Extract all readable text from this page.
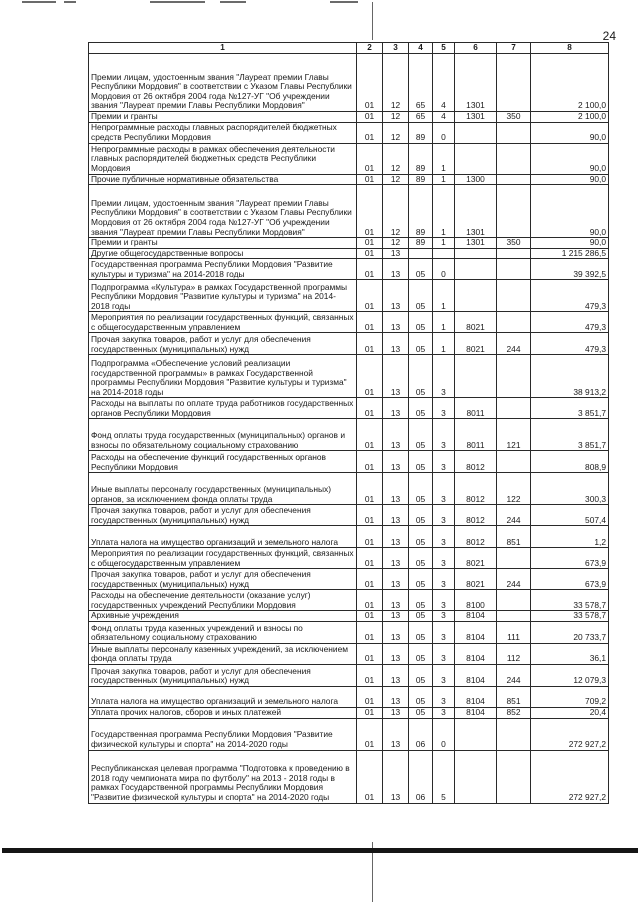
24
1	2	3	4	5	6	7	8
Премии лицам, удостоенным звания "Лауреат премии Главы Республики Мордовия" в соответствии с Указом Главы Республики Мордовия от 26 октября 2004 года №127-УГ "Об учреждении звания "Лауреат премии Главы Республики Мордовия"	01	12	65	4	1301		2 100,0
Премии и гранты	01	12	65	4	1301	350	2 100,0
Непрограммные расходы главных распорядителей бюджетных средств Республики Мордовия	01	12	89	0			90,0
Непрограммные расходы в рамках обеспечения деятельности главных распорядителей бюджетных средств Республики Мордовия	01	12	89	1			90,0
Прочие публичные нормативные обязательства	01	12	89	1	1300		90,0
Премии лицам, удостоенным звания "Лауреат премии Главы Республики Мордовия" в соответствии с Указом Главы Республики Мордовия от 26 октября 2004 года №127-УГ "Об учреждении звания "Лауреат премии Главы Республики Мордовия"	01	12	89	1	1301		90,0
Премии и гранты	01	12	89	1	1301	350	90,0
Другие общегосударственные вопросы	01	13					1 215 286,5
Государственная программа Республики Мордовия "Развитие культуры и туризма" на 2014-2018 годы	01	13	05	0			39 392,5
Подпрограмма «Культура» в рамках Государственной программы Республики Мордовия "Развитие культуры и туризма" на 2014-2018 годы	01	13	05	1			479,3
Мероприятия по реализации государственных функций, связанных с общегосударственным управлением	01	13	05	1	8021		479,3
Прочая закупка товаров, работ и услуг для обеспечения государственных (муниципальных) нужд	01	13	05	1	8021	244	479,3
Подпрограмма «Обеспечение условий реализации государственной программы» в рамках Государственной программы Республики Мордовия "Развитие культуры и туризма" на 2014-2018 годы	01	13	05	3			38 913,2
Расходы на выплаты по оплате труда работников государственных органов Республики Мордовия	01	13	05	3	8011		3 851,7
Фонд оплаты труда государственных (муниципальных) органов и взносы по обязательному социальному страхованию	01	13	05	3	8011	121	3 851,7
Расходы на обеспечение функций государственных органов Республики Мордовия	01	13	05	3	8012		808,9
Иные выплаты персоналу государственных (муниципальных) органов, за исключением фонда оплаты труда	01	13	05	3	8012	122	300,3
Прочая закупка товаров, работ и услуг для обеспечения государственных (муниципальных) нужд	01	13	05	3	8012	244	507,4
Уплата налога на имущество организаций и земельного налога	01	13	05	3	8012	851	1,2
Мероприятия по реализации государственных функций, связанных с общегосударственным управлением	01	13	05	3	8021		673,9
Прочая закупка товаров, работ и услуг для обеспечения государственных (муниципальных) нужд	01	13	05	3	8021	244	673,9
Расходы на обеспечение деятельности (оказание услуг) государственных учреждений Республики Мордовия	01	13	05	3	8100		33 578,7
Архивные учреждения	01	13	05	3	8104		33 578,7
Фонд оплаты труда казенных учреждений и взносы по обязательному социальному страхованию	01	13	05	3	8104	111	20 733,7
Иные выплаты персоналу казенных учреждений, за исключением фонда оплаты труда	01	13	05	3	8104	112	36,1
Прочая закупка товаров, работ и услуг для обеспечения государственных (муниципальных) нужд	01	13	05	3	8104	244	12 079,3
Уплата налога на имущество организаций и земельного налога	01	13	05	3	8104	851	709,2
Уплата прочих налогов, сборов и иных платежей	01	13	05	3	8104	852	20,4
Государственная программа Республики Мордовия "Развитие физической культуры и спорта" на 2014-2020 годы	01	13	06	0			272 927,2
Республиканская целевая программа "Подготовка к проведению в 2018 году чемпионата мира по футболу" на 2013 - 2018 годы в рамках Государственной программы Республики Мордовия "Развитие физической культуры и спорта" на 2014-2020 годы	01	13	06	5			272 927,2
